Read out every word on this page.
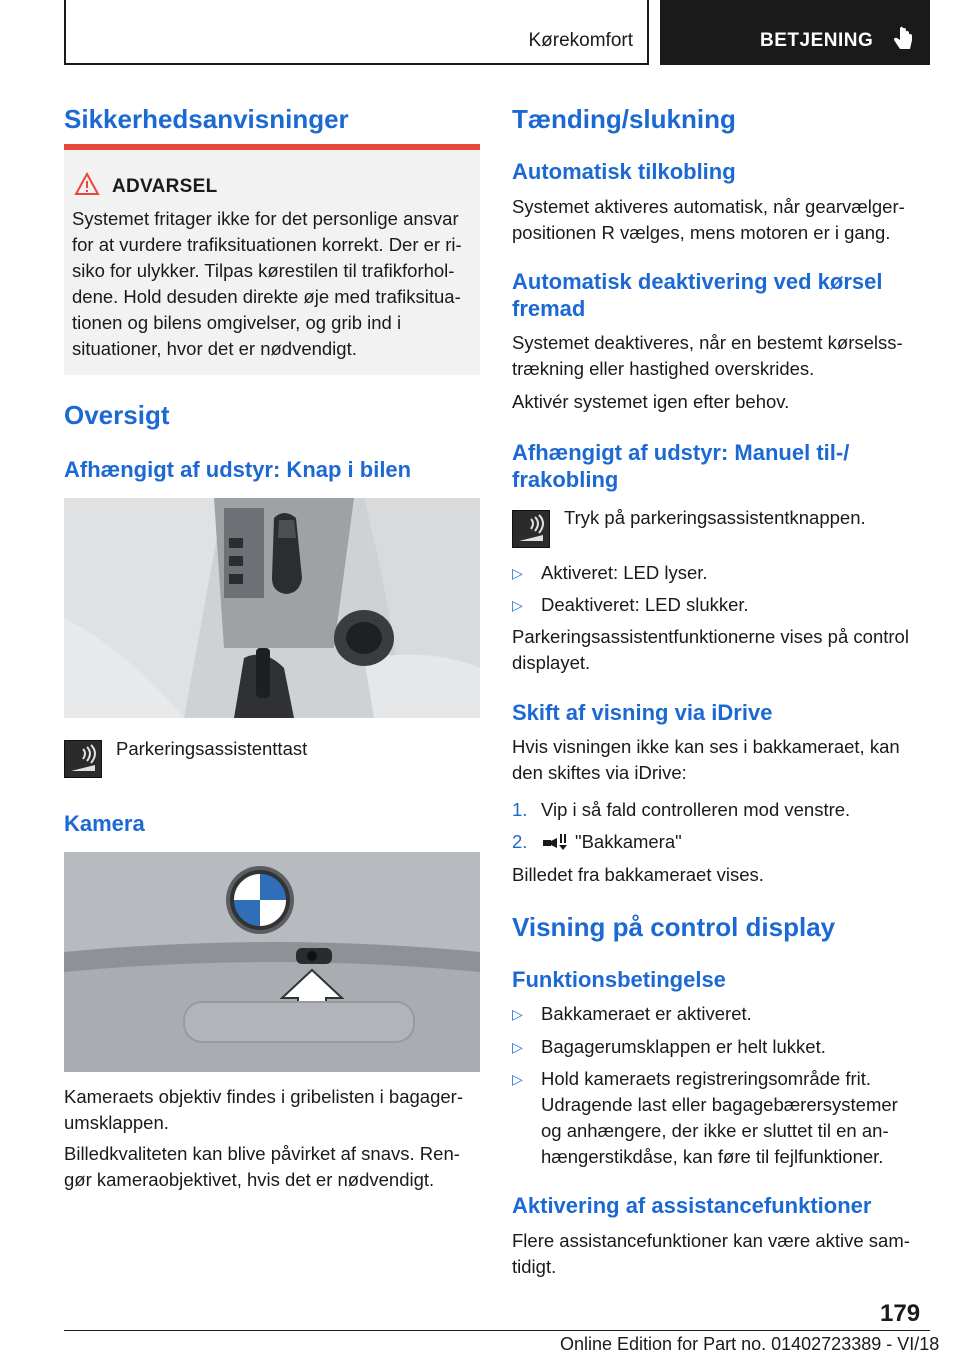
Kørekomfort	BETJENING
Sikkerhedsanvisninger
ADVARSEL
Systemet fritager ikke for det personlige ansvar for at vurdere trafiksituationen korrekt. Der er risiko for ulykker. Tilpas kørestilen til trafikforholdene. Hold desuden direkte øje med trafiksituationen og bilens omgivelser, og grib ind i situationer, hvor det er nødvendigt.
Oversigt
Afhængigt af udstyr: Knap i bilen
Parkeringsassistenttast
Kamera
Kameraets objektiv findes i gribelisten i bagagerumsklappen.
Billedkvaliteten kan blive påvirket af snavs. Rengør kameraobjektivet, hvis det er nødvendigt.
Tænding/slukning
Automatisk tilkobling
Systemet aktiveres automatisk, når gearvælgerpositionen R vælges, mens motoren er i gang.
Automatisk deaktivering ved kørsel fremad
Systemet deaktiveres, når en bestemt kørselsstrækning eller hastighed overskrides.
Aktivér systemet igen efter behov.
Afhængigt af udstyr: Manuel til-/ frakobling
Tryk på parkeringsassistentknappen.
▷ Aktiveret: LED lyser.
▷ Deaktiveret: LED slukker.
Parkeringsassistentfunktionerne vises på control displayet.
Skift af visning via iDrive
Hvis visningen ikke kan ses i bakkameraet, kan den skiftes via iDrive:
1. Vip i så fald controlleren mod venstre.
2.	"Bakkamera"
Billedet fra bakkameraet vises.
Visning på control display
Funktionsbetingelse
▷ Bakkameraet er aktiveret.
▷ Bagagerumsklappen er helt lukket.
▷ Hold kameraets registreringsområde frit. Udragende last eller bagagebærersystemer og anhængere, der ikke er sluttet til en anhængerstikdåse, kan føre til fejlfunktioner.
Aktivering af assistancefunktioner
Flere assistancefunktioner kan være aktive samtidigt.
179
Online Edition for Part no. 01402723389 - VI/18
